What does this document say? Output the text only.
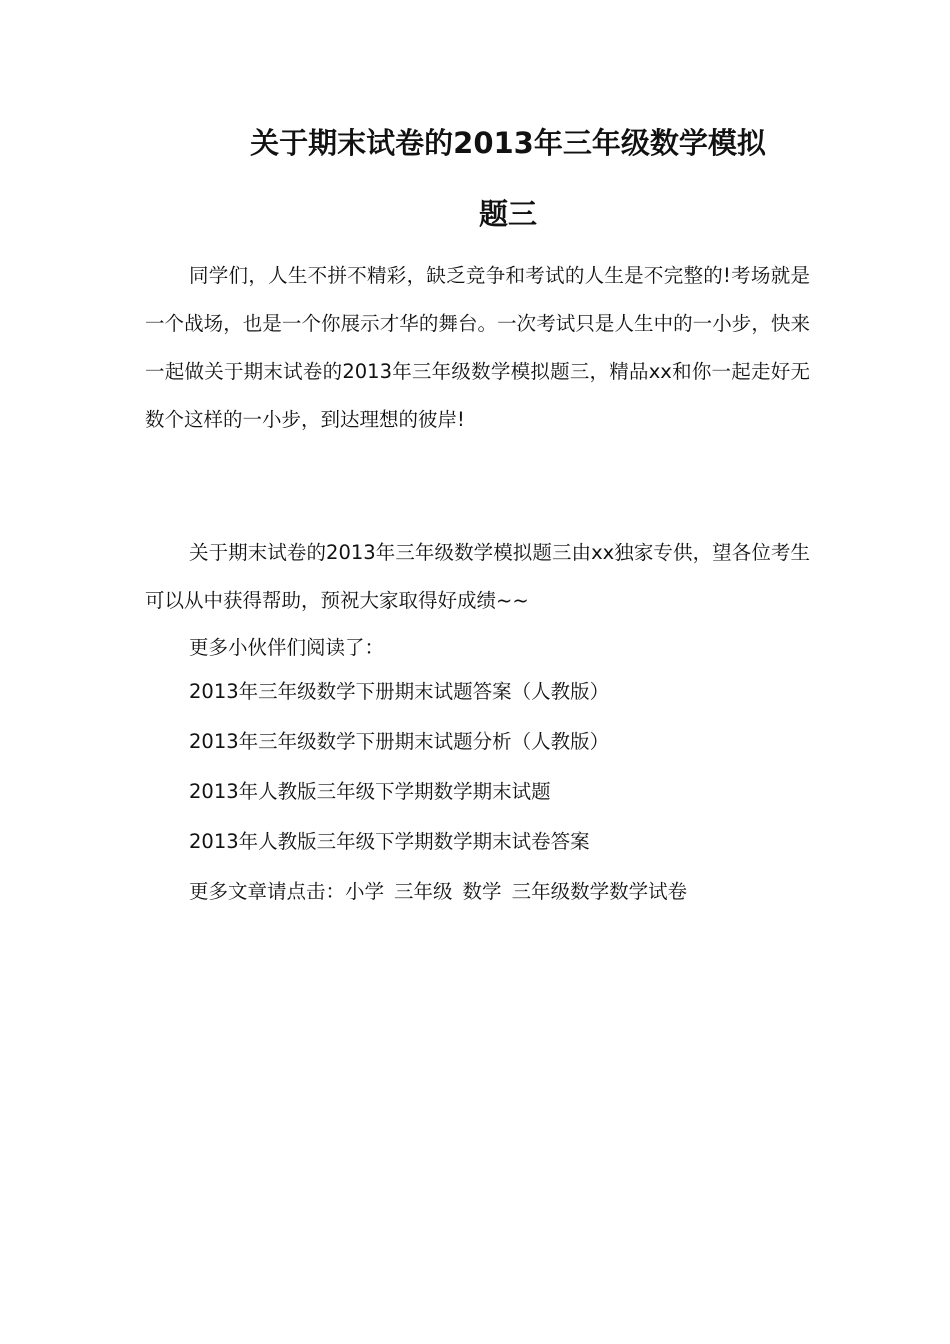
关于期末试卷的2013年三年级数学模拟
题三

同学们，人生不拼不精彩，缺乏竞争和考试的人生是不完整的!考场就是一个战场，也是一个你展示才华的舞台。一次考试只是人生中的一小步，快来一起做关于期末试卷的2013年三年级数学模拟题三，精品xx和你一起走好无数个这样的一小步，到达理想的彼岸!

关于期末试卷的2013年三年级数学模拟题三由xx独家专供，望各位考生可以从中获得帮助，预祝大家取得好成绩~~

更多小伙伴们阅读了：

2013年三年级数学下册期末试题答案（人教版）

2013年三年级数学下册期末试题分析（人教版）

2013年人教版三年级下学期数学期末试题

2013年人教版三年级下学期数学期末试卷答案

更多文章请点击：小学 三年级 数学 三年级数学数学试卷
